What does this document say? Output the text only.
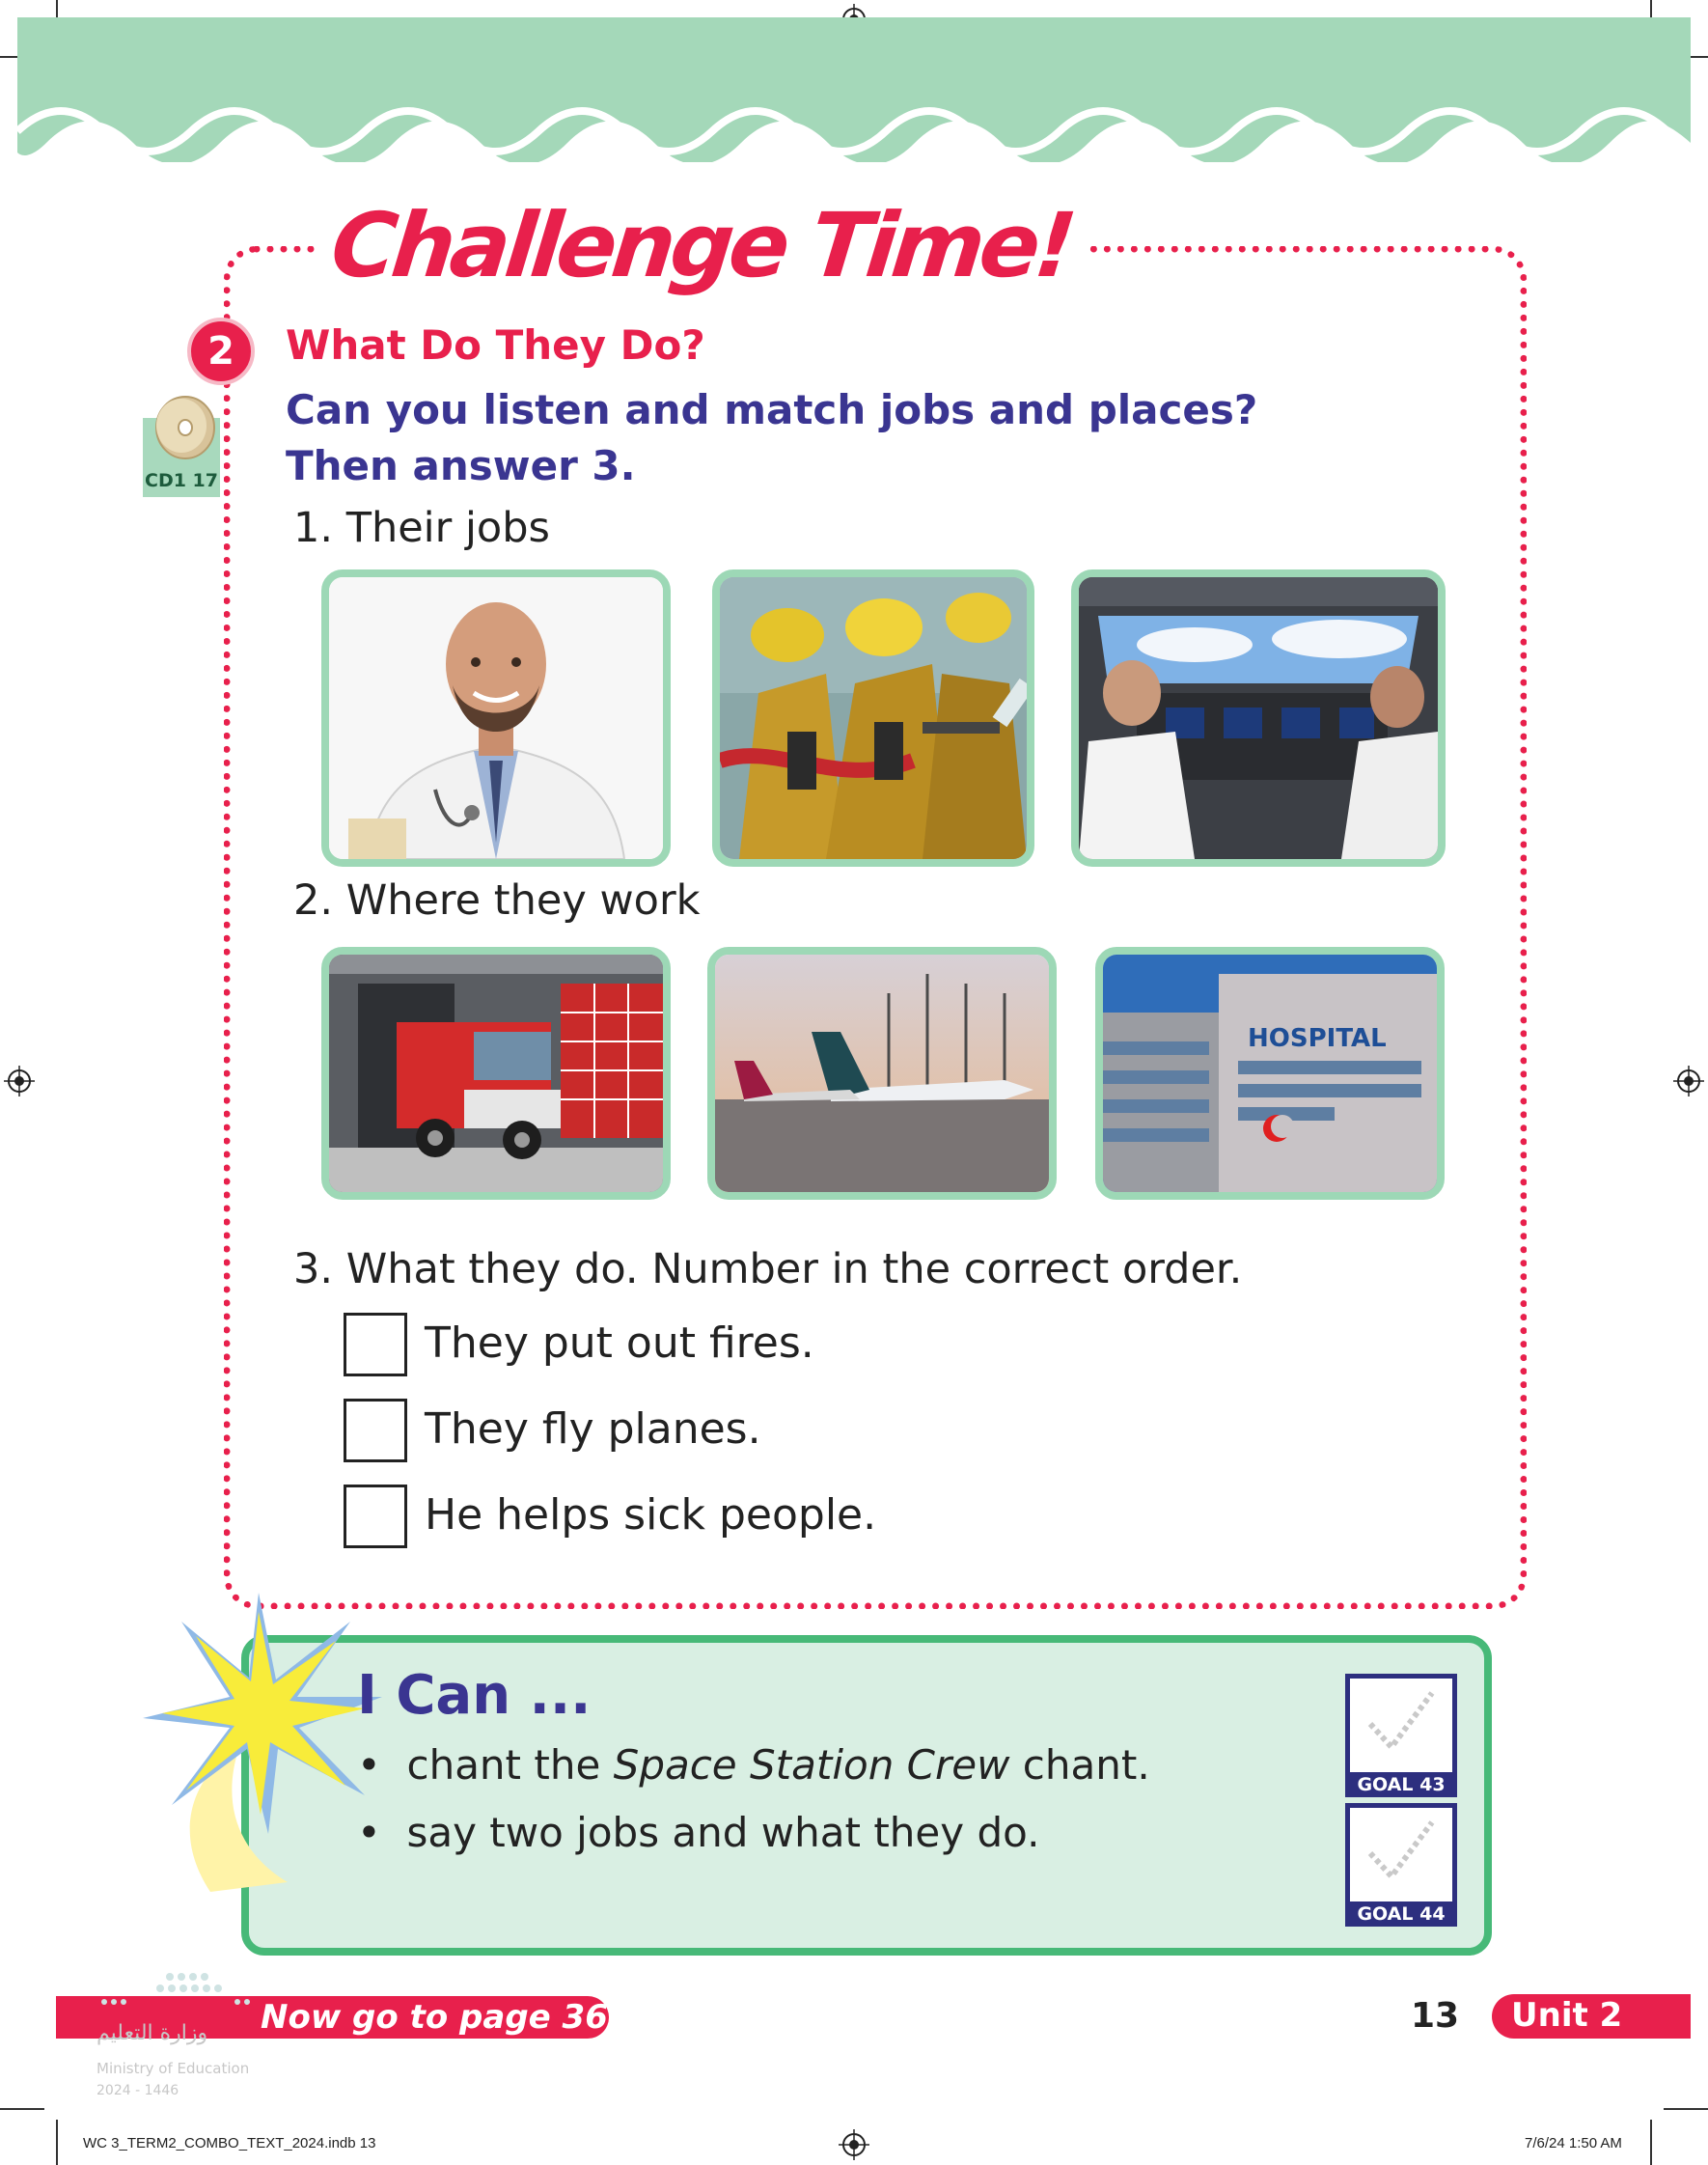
Challenge Time!
2	What Do They Do?
Can you listen and match jobs and places? Then answer 3.
CD1 17
1. Their jobs
2. Where they work
HOSPITAL
3. What they do. Number in the correct order.
They put out fires.
They fly planes.
He helps sick people.
I Can ...
•  chant the Space Station Crew chant.
•  say two jobs and what they do.
GOAL 43
GOAL 44
Now go to page 36
وزارة التعليم
Ministry of Education
2024 - 1446
13 Unit 2
WC 3_TERM2_COMBO_TEXT_2024.indb 13	7/6/24 1:50 AM
